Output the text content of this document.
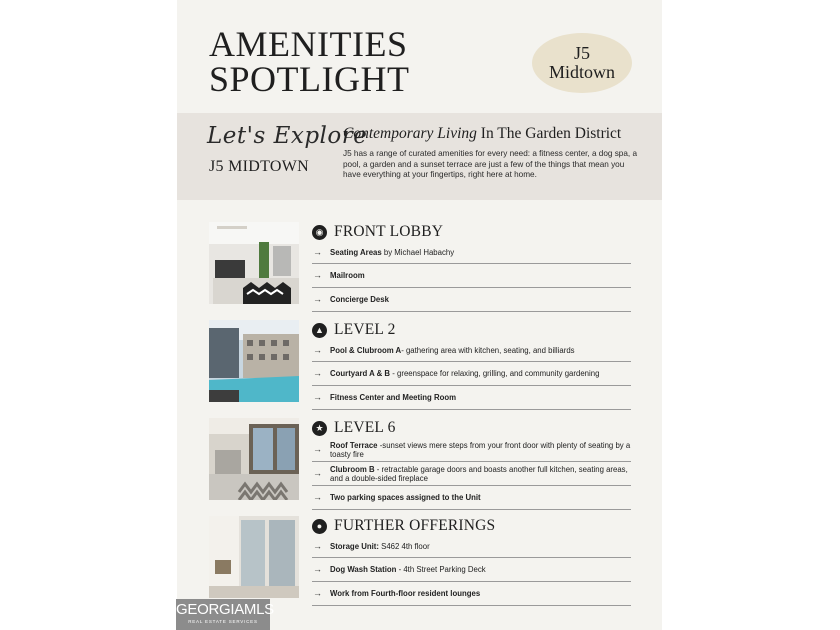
AMENITIES
SPOTLIGHT
J5
Midtown
Let's Explore
J5 MIDTOWN
Contemporary Living In The Garden District
J5 has a range of curated amenities for every need: a fitness center, a dog spa, a pool, a garden and a sunset terrace are just a few of the things that mean you have everything at your fingertips, right here at home.
◉ FRONT LOBBY
→	Seating Areas by Michael Habachy
→	Mailroom
→	Concierge Desk
▲ LEVEL 2
→	Pool & Clubroom A- gathering area with kitchen, seating, and billiards
→	Courtyard A & B - greenspace for relaxing, grilling, and community gardening
→	Fitness Center and Meeting Room
★ LEVEL 6
→	Roof Terrace -sunset views mere steps from your front door with plenty of seating by a toasty fire
→	Clubroom B - retractable garage doors and boasts another full kitchen, seating areas, and a double-sided fireplace
→	Two parking spaces assigned to the Unit
● FURTHER OFFERINGS
→	Storage Unit: S462 4th floor
→	Dog Wash Station - 4th Street Parking Deck
→	Work from Fourth-floor resident lounges
GEORGIAMLS
REAL ESTATE SERVICES
